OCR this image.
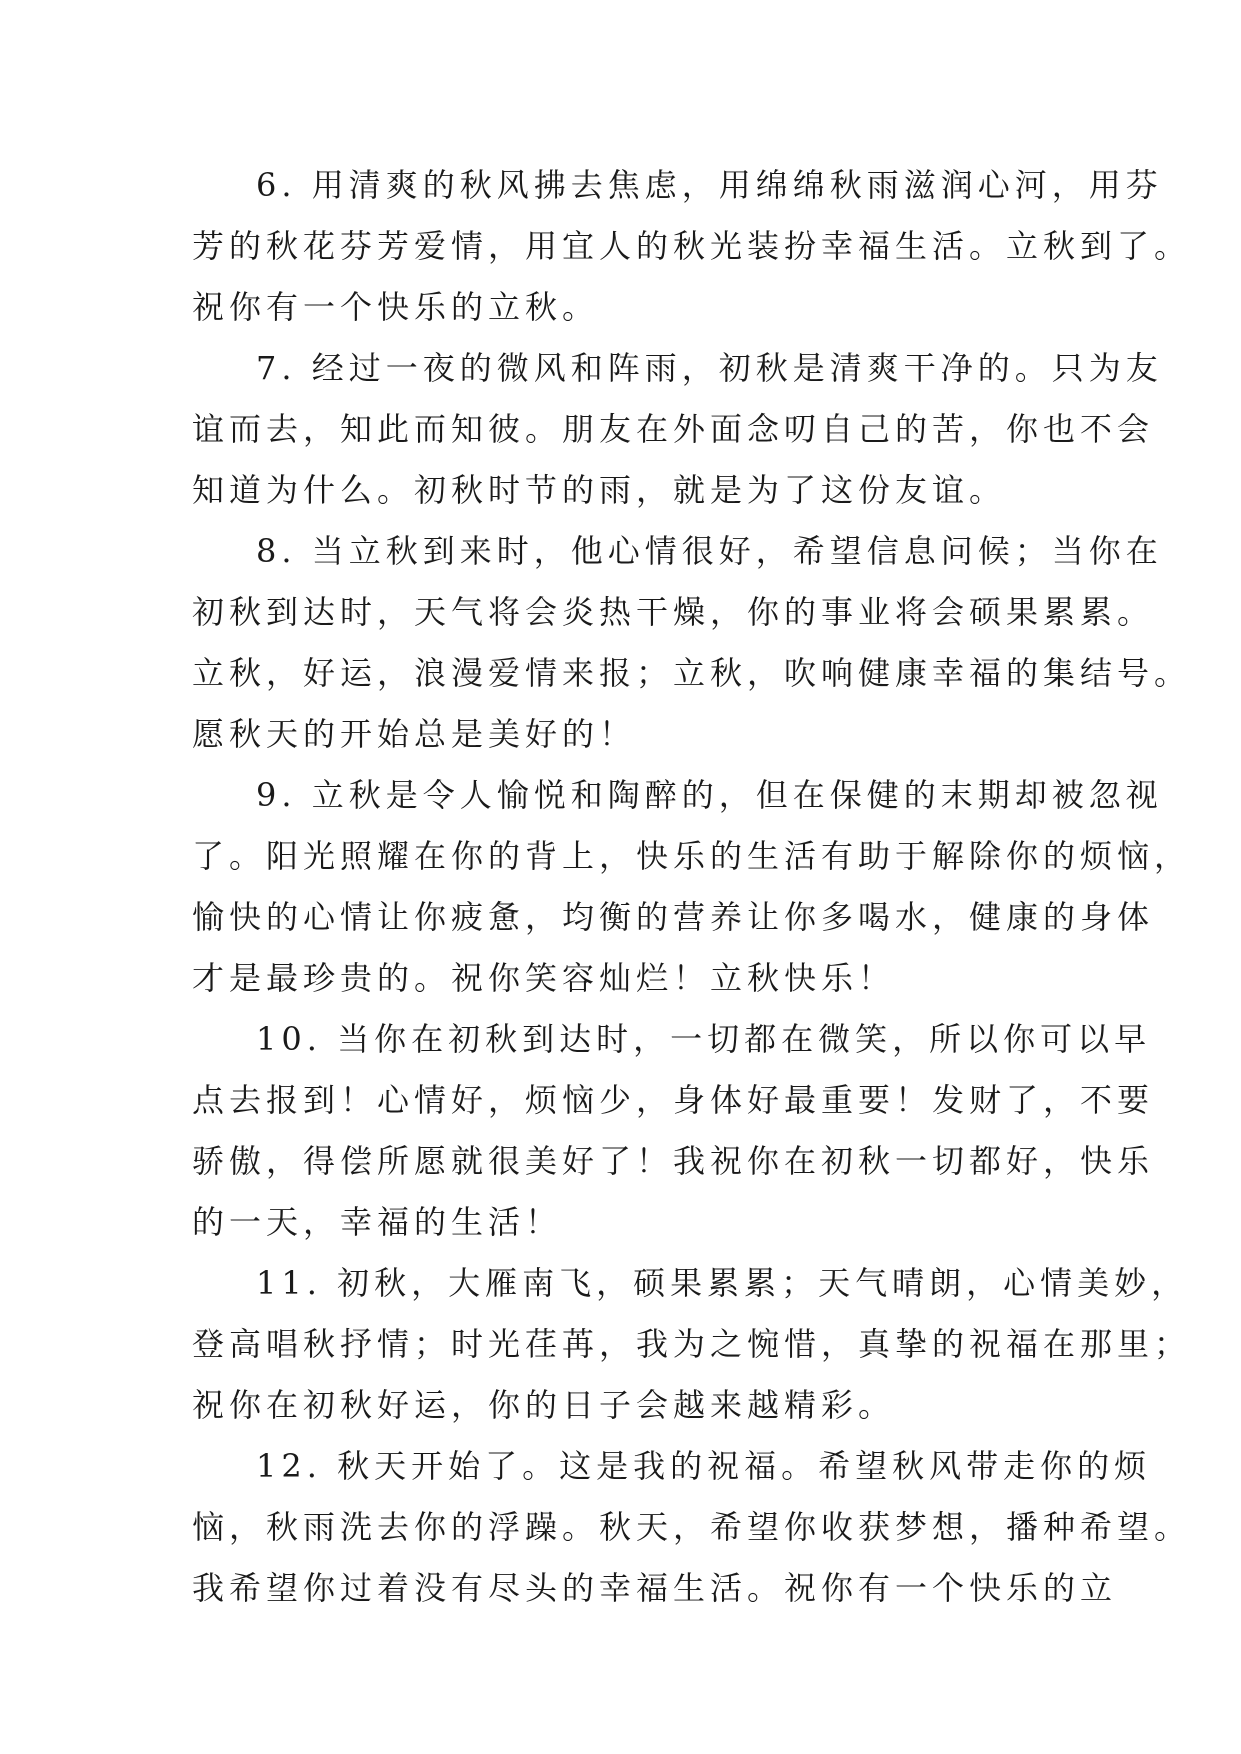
6. 用清爽的秋风拂去焦虑，用绵绵秋雨滋润心河，用芬
芳的秋花芬芳爱情，用宜人的秋光装扮幸福生活。立秋到了。
祝你有一个快乐的立秋。
7. 经过一夜的微风和阵雨，初秋是清爽干净的。只为友
谊而去，知此而知彼。朋友在外面念叨自己的苦，你也不会
知道为什么。初秋时节的雨，就是为了这份友谊。
8. 当立秋到来时，他心情很好，希望信息问候；当你在
初秋到达时，天气将会炎热干燥，你的事业将会硕果累累。
立秋，好运，浪漫爱情来报；立秋，吹响健康幸福的集结号。
愿秋天的开始总是美好的！
9. 立秋是令人愉悦和陶醉的，但在保健的末期却被忽视
了。阳光照耀在你的背上，快乐的生活有助于解除你的烦恼，
愉快的心情让你疲惫，均衡的营养让你多喝水，健康的身体
才是最珍贵的。祝你笑容灿烂！立秋快乐！
10. 当你在初秋到达时，一切都在微笑，所以你可以早
点去报到！心情好，烦恼少，身体好最重要！发财了，不要
骄傲，得偿所愿就很美好了！我祝你在初秋一切都好，快乐
的一天，幸福的生活！
11. 初秋，大雁南飞，硕果累累；天气晴朗，心情美妙，
登高唱秋抒情；时光荏苒，我为之惋惜，真挚的祝福在那里；
祝你在初秋好运，你的日子会越来越精彩。
12. 秋天开始了。这是我的祝福。希望秋风带走你的烦
恼，秋雨洗去你的浮躁。秋天，希望你收获梦想，播种希望。
我希望你过着没有尽头的幸福生活。祝你有一个快乐的立
